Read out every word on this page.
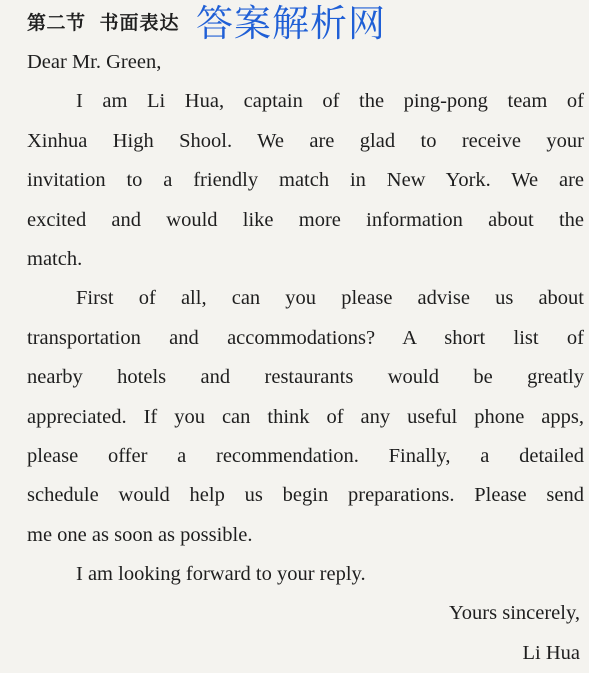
第二节 书面表达 答案解析网
Dear Mr. Green,
I am Li Hua, captain of the ping-pong team of
Xinhua High Shool. We are glad to receive your
invitation to a friendly match in New York. We are
excited and would like more information about the
match.
First of all, can you please advise us about
transportation and accommodations? A short list of
nearby hotels and restaurants would be greatly
appreciated. If you can think of any useful phone apps,
please offer a recommendation. Finally, a detailed
schedule would help us begin preparations. Please send
me one as soon as possible.
I am looking forward to your reply.
Yours sincerely,
Li Hua
